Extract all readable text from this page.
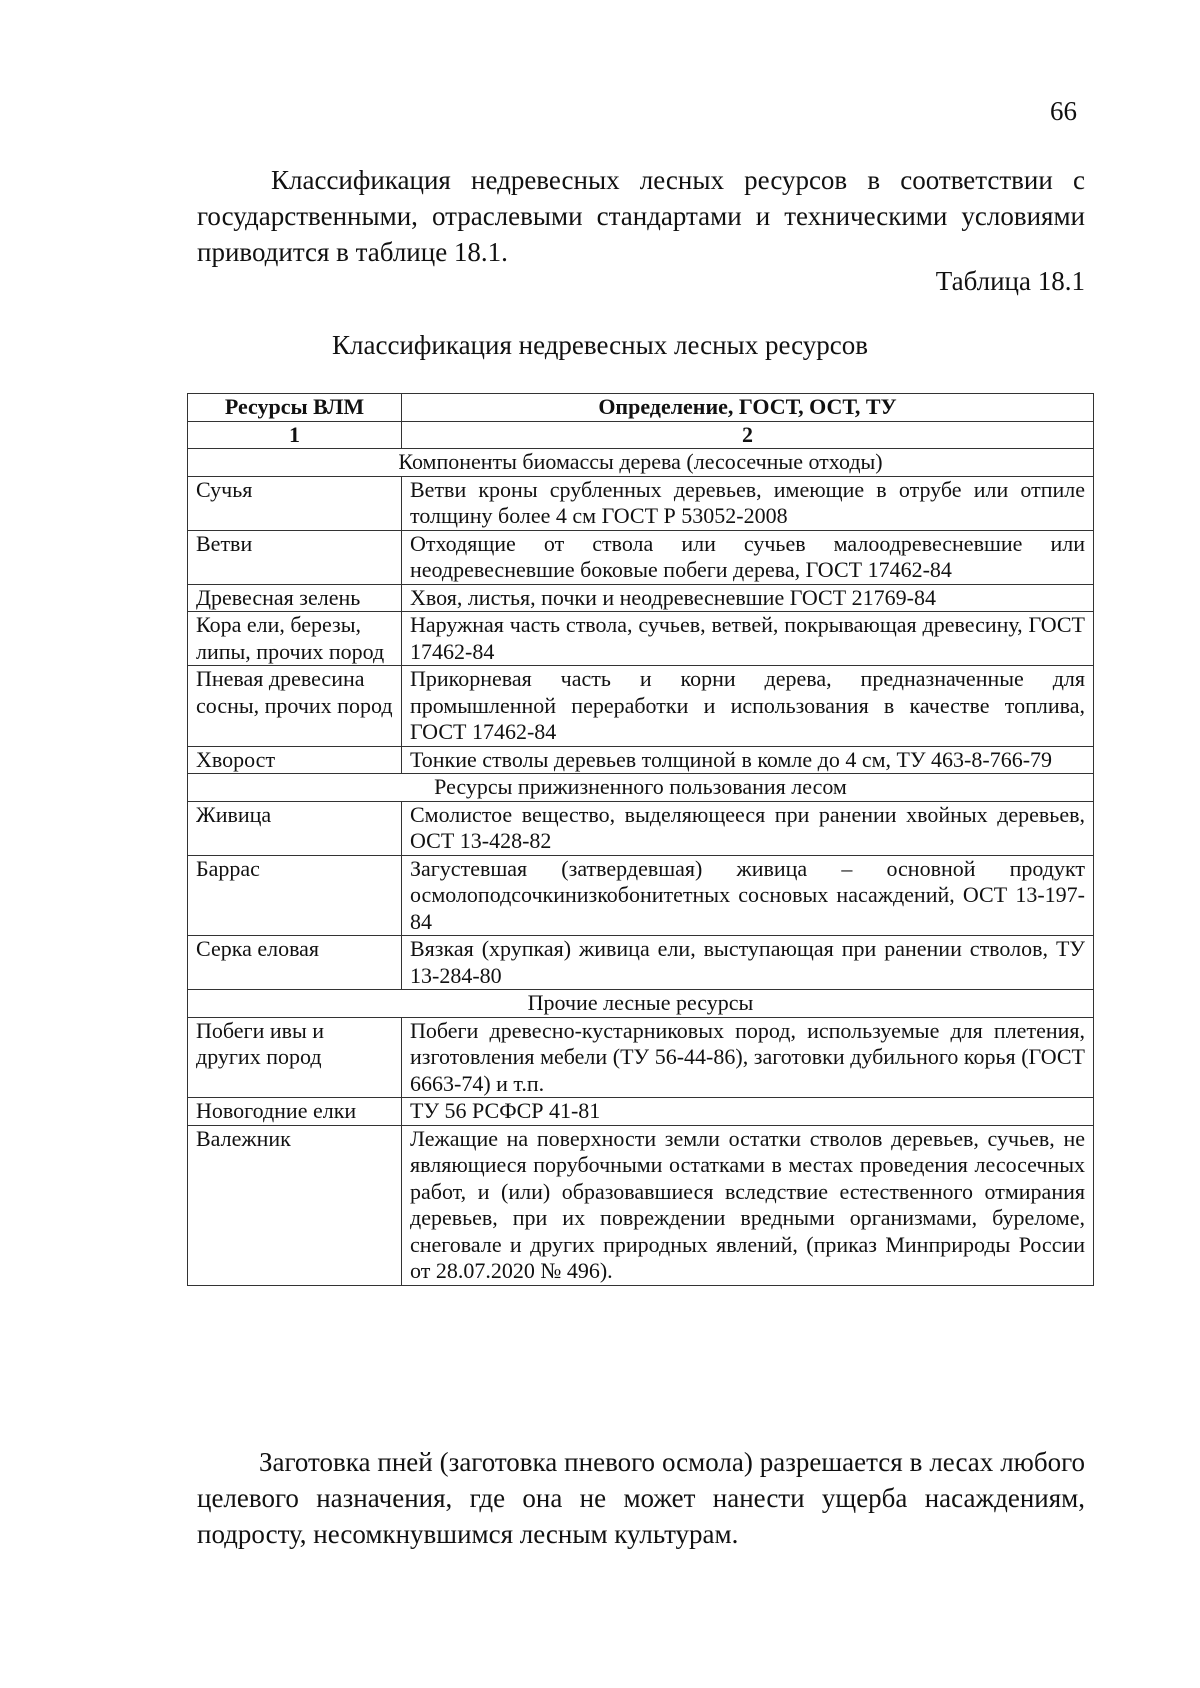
66

Классификация недревесных лесных ресурсов в соответствии с государственными, отраслевыми стандартами и техническими условиями приводится в таблице 18.1.

Таблица 18.1
Классификация недревесных лесных ресурсов
Ресурсы ВЛМ	Определение, ГОСТ, ОСТ, ТУ
1	2
Компоненты биомассы дерева (лесосечные отходы)	
Сучья	Ветви кроны срубленных деревьев, имеющие в отрубе или отпиле толщину более 4 см ГОСТ Р 53052-2008
Ветви	Отходящие от ствола или сучьев малоодревесневшие или неодревесневшие боковые побеги дерева, ГОСТ 17462-84
Древесная зелень	Хвоя, листья, почки и неодревесневшие ГОСТ 21769-84
Кора ели, березы, липы, прочих пород	Наружная часть ствола, сучьев, ветвей, покрывающая древесину, ГОСТ 17462-84
Пневая древесина сосны, прочих пород	Прикорневая часть и корни дерева, предназначенные для промышленной переработки и использования в качестве топлива, ГОСТ 17462-84
Хворост	Тонкие стволы деревьев толщиной в комле до 4 см, ТУ 463-8-766-79
Ресурсы прижизненного пользования лесом	
Живица	Смолистое вещество, выделяющееся при ранении хвойных деревьев, ОСТ 13-428-82
Баррас	Загустевшая (затвердевшая) живица – основной продукт осмолоподсочкинизкобонитетных сосновых насаждений, ОСТ 13-197-84
Серка еловая	Вязкая (хрупкая) живица ели, выступающая при ранении стволов, ТУ 13-284-80
Прочие лесные ресурсы	
Побеги ивы и других пород	Побеги древесно-кустарниковых пород, используемые для плетения, изготовления мебели (ТУ 56-44-86), заготовки дубильного корья (ГОСТ 6663-74) и т.п.
Новогодние елки	ТУ 56 РСФСР 41-81
Валежник	Лежащие на поверхности земли остатки стволов деревьев, сучьев, не являющиеся порубочными остатками в местах проведения лесосечных работ, и (или) образовавшиеся вследствие естественного отмирания деревьев, при их повреждении вредными организмами, буреломе, снеговале и других природных явлений, (приказ Минприроды России от 28.07.2020 № 496).

Заготовка пней (заготовка пневого осмола) разрешается в лесах любого целевого назначения, где она не может нанести ущерба насаждениям, подросту, несомкнувшимся лесным культурам.
